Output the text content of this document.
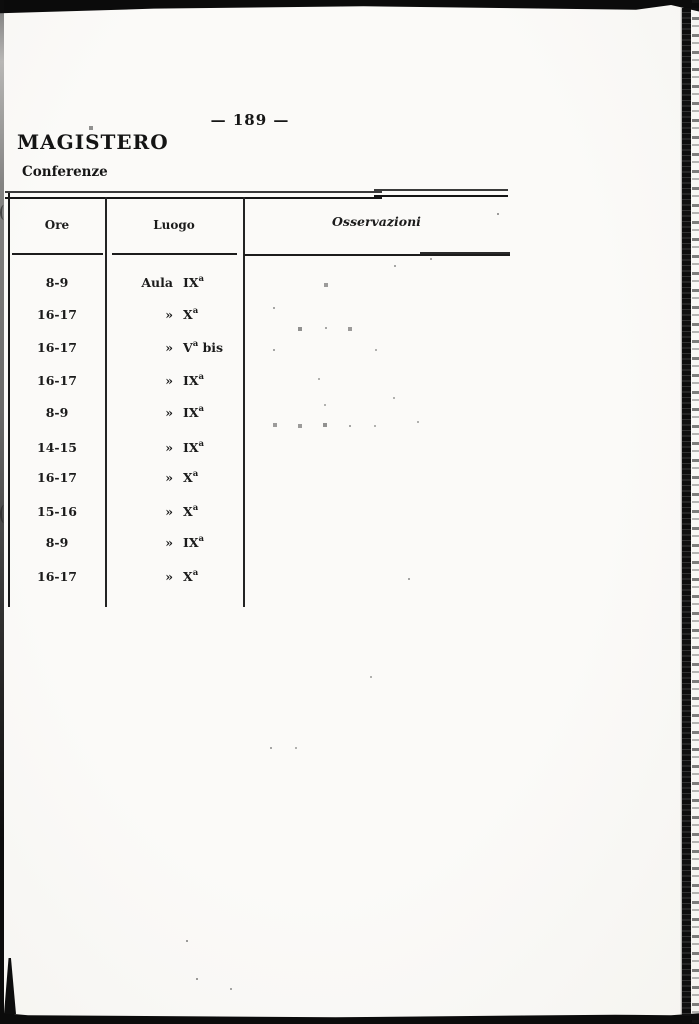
— 189 —
MAGISTERO
Conferenze
Ore	Luogo	Osservazioni
8-9	Aula $IX^a$
16-17	» $X^a$
16-17	» $V^a$ bis
16-17	» $IX^a$
8-9	» $IX^a$
14-15	» $IX^a$
16-17	» $X^a$
15-16	» $X^a$
8-9	» $IX^a$
16-17	» $X^a$
